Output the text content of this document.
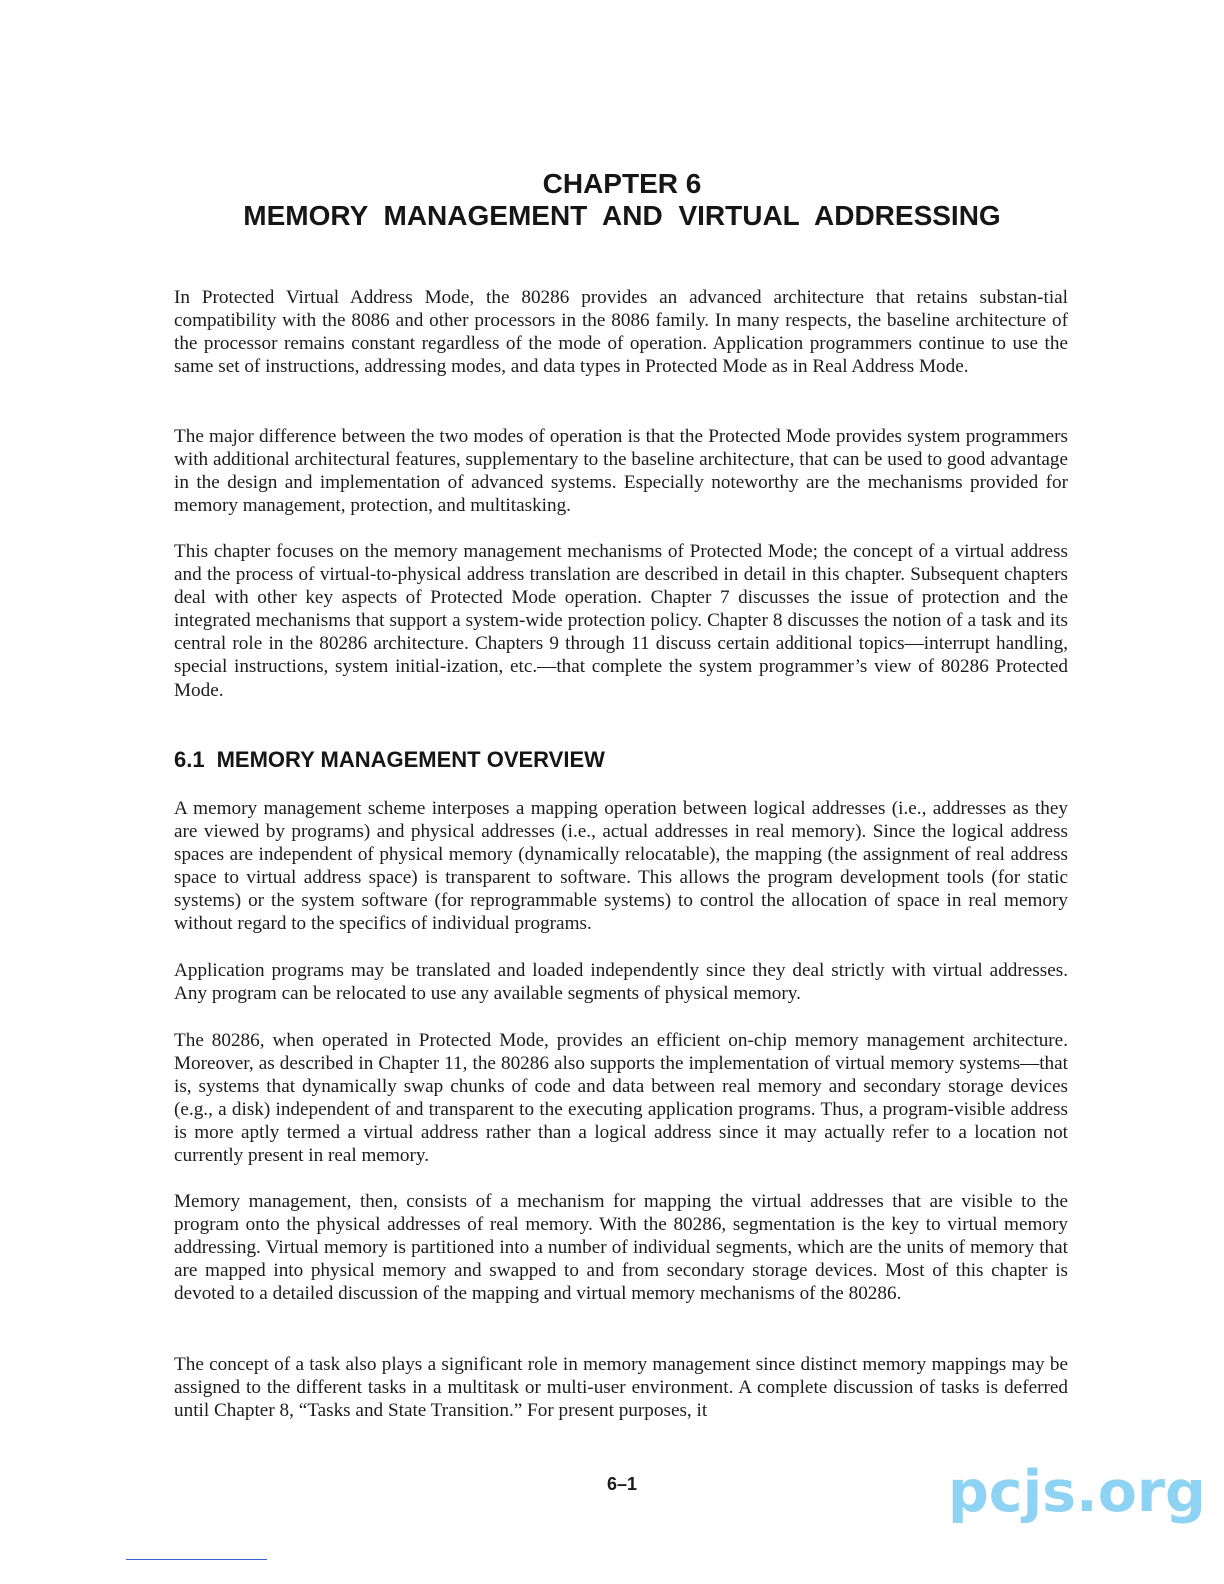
CHAPTER 6
MEMORY MANAGEMENT AND VIRTUAL ADDRESSING

In Protected Virtual Address Mode, the 80286 provides an advanced architecture that retains substan-tial compatibility with the 8086 and other processors in the 8086 family. In many respects, the baseline architecture of the processor remains constant regardless of the mode of operation. Application programmers continue to use the same set of instructions, addressing modes, and data types in Protected Mode as in Real Address Mode.

The major difference between the two modes of operation is that the Protected Mode provides system programmers with additional architectural features, supplementary to the baseline architecture, that can be used to good advantage in the design and implementation of advanced systems. Especially noteworthy are the mechanisms provided for memory management, protection, and multitasking.

This chapter focuses on the memory management mechanisms of Protected Mode; the concept of a virtual address and the process of virtual-to-physical address translation are described in detail in this chapter. Subsequent chapters deal with other key aspects of Protected Mode operation. Chapter 7 discusses the issue of protection and the integrated mechanisms that support a system-wide protection policy. Chapter 8 discusses the notion of a task and its central role in the 80286 architecture. Chapters 9 through 11 discuss certain additional topics—interrupt handling, special instructions, system initial-ization, etc.—that complete the system programmer’s view of 80286 Protected Mode.

6.1 MEMORY MANAGEMENT OVERVIEW

A memory management scheme interposes a mapping operation between logical addresses (i.e., addresses as they are viewed by programs) and physical addresses (i.e., actual addresses in real memory). Since the logical address spaces are independent of physical memory (dynamically relocatable), the mapping (the assignment of real address space to virtual address space) is transparent to software. This allows the program development tools (for static systems) or the system software (for reprogrammable systems) to control the allocation of space in real memory without regard to the specifics of individual programs.

Application programs may be translated and loaded independently since they deal strictly with virtual addresses. Any program can be relocated to use any available segments of physical memory.

The 80286, when operated in Protected Mode, provides an efficient on-chip memory management architecture. Moreover, as described in Chapter 11, the 80286 also supports the implementation of virtual memory systems—that is, systems that dynamically swap chunks of code and data between real memory and secondary storage devices (e.g., a disk) independent of and transparent to the executing application programs. Thus, a program-visible address is more aptly termed a virtual address rather than a logical address since it may actually refer to a location not currently present in real memory.

Memory management, then, consists of a mechanism for mapping the virtual addresses that are visible to the program onto the physical addresses of real memory. With the 80286, segmentation is the key to virtual memory addressing. Virtual memory is partitioned into a number of individual segments, which are the units of memory that are mapped into physical memory and swapped to and from secondary storage devices. Most of this chapter is devoted to a detailed discussion of the mapping and virtual memory mechanisms of the 80286.

The concept of a task also plays a significant role in memory management since distinct memory mappings may be assigned to the different tasks in a multitask or multi-user environment. A complete discussion of tasks is deferred until Chapter 8, “Tasks and State Transition.” For present purposes, it

6–1	pcjs.org
